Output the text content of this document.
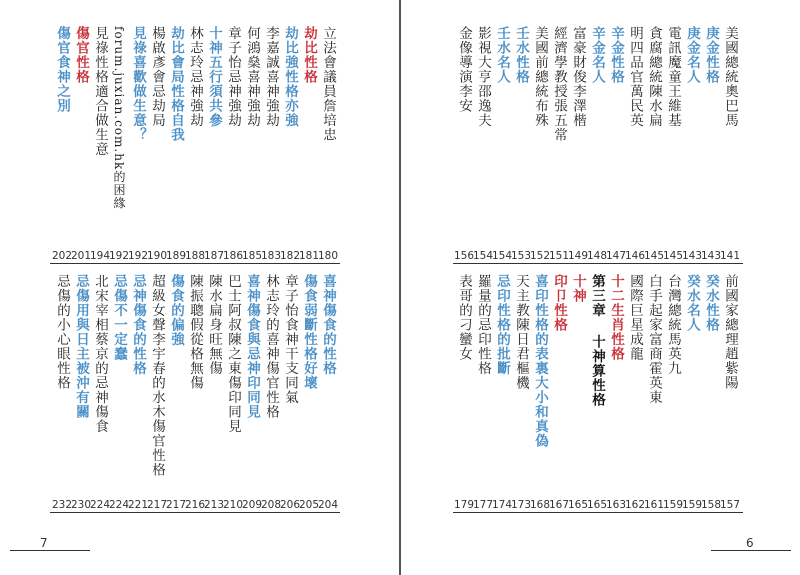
傷官食神之別 傷官性格 見祿性格適合做生意 forum.juxian.com.hk的困緣 見祿喜歡做生意？ 楊啟彥會忌劫局 劫比會局性格自我 林志玲忌神強劫 十神五行須共參 章子怡忌神強劫 何鴻燊喜神強劫 李嘉誠喜神強劫 劫比強性格亦強 劫比性格 立法會議員詹培忠
忌傷的小心眼性格 忌傷用與日主被沖有關 北宋宰相蔡京的忌神傷食 忌傷不一定蠢 忌神傷食的性格 超級女聲李宇春的水木傷官性格 傷食的偏強 陳振聰假從格無傷 陳水扁身旺無傷 巴士阿叔陳之東傷印同見 喜神傷食與忌神印同見 林志玲的喜神傷官性格 章子怡食神干支同氣 傷食弱斷性格好壞 喜神傷食的性格
202
201
194
192
192
190
189
188
187
186
185
183
182
181
180
232
230
224
224
221
217
217
216
213
210
209
208
206
205
204
7
金像導演李安 影視大亨邵逸夫 壬水名人 壬水性格 美國前總統布殊 經濟學教授張五常 富豪財俊李澤楷 辛金名人 辛金性格 明四品官萬民英 貪腐總統陳水扁 電訊魔童王維基 庚金名人 庚金性格 美國總統奧巴馬
表哥的刁蠻女 羅量的忌印性格 忌印性格的批斷 天主教陳日君樞機 喜印性格的表裏大小和真偽 印卩性格 十神 第三章 十神算性格 十二生肖性格 國際巨星成龍 白手起家富商霍英東 台灣總統馬英九 癸水名人 癸水性格 前國家總理趙紫陽
156
154
154
153
152
151
149
148
147
146
145
145
143
143
141
179
177
174
173
168
167
165
165
163
162
161
159
159
158
157
6
